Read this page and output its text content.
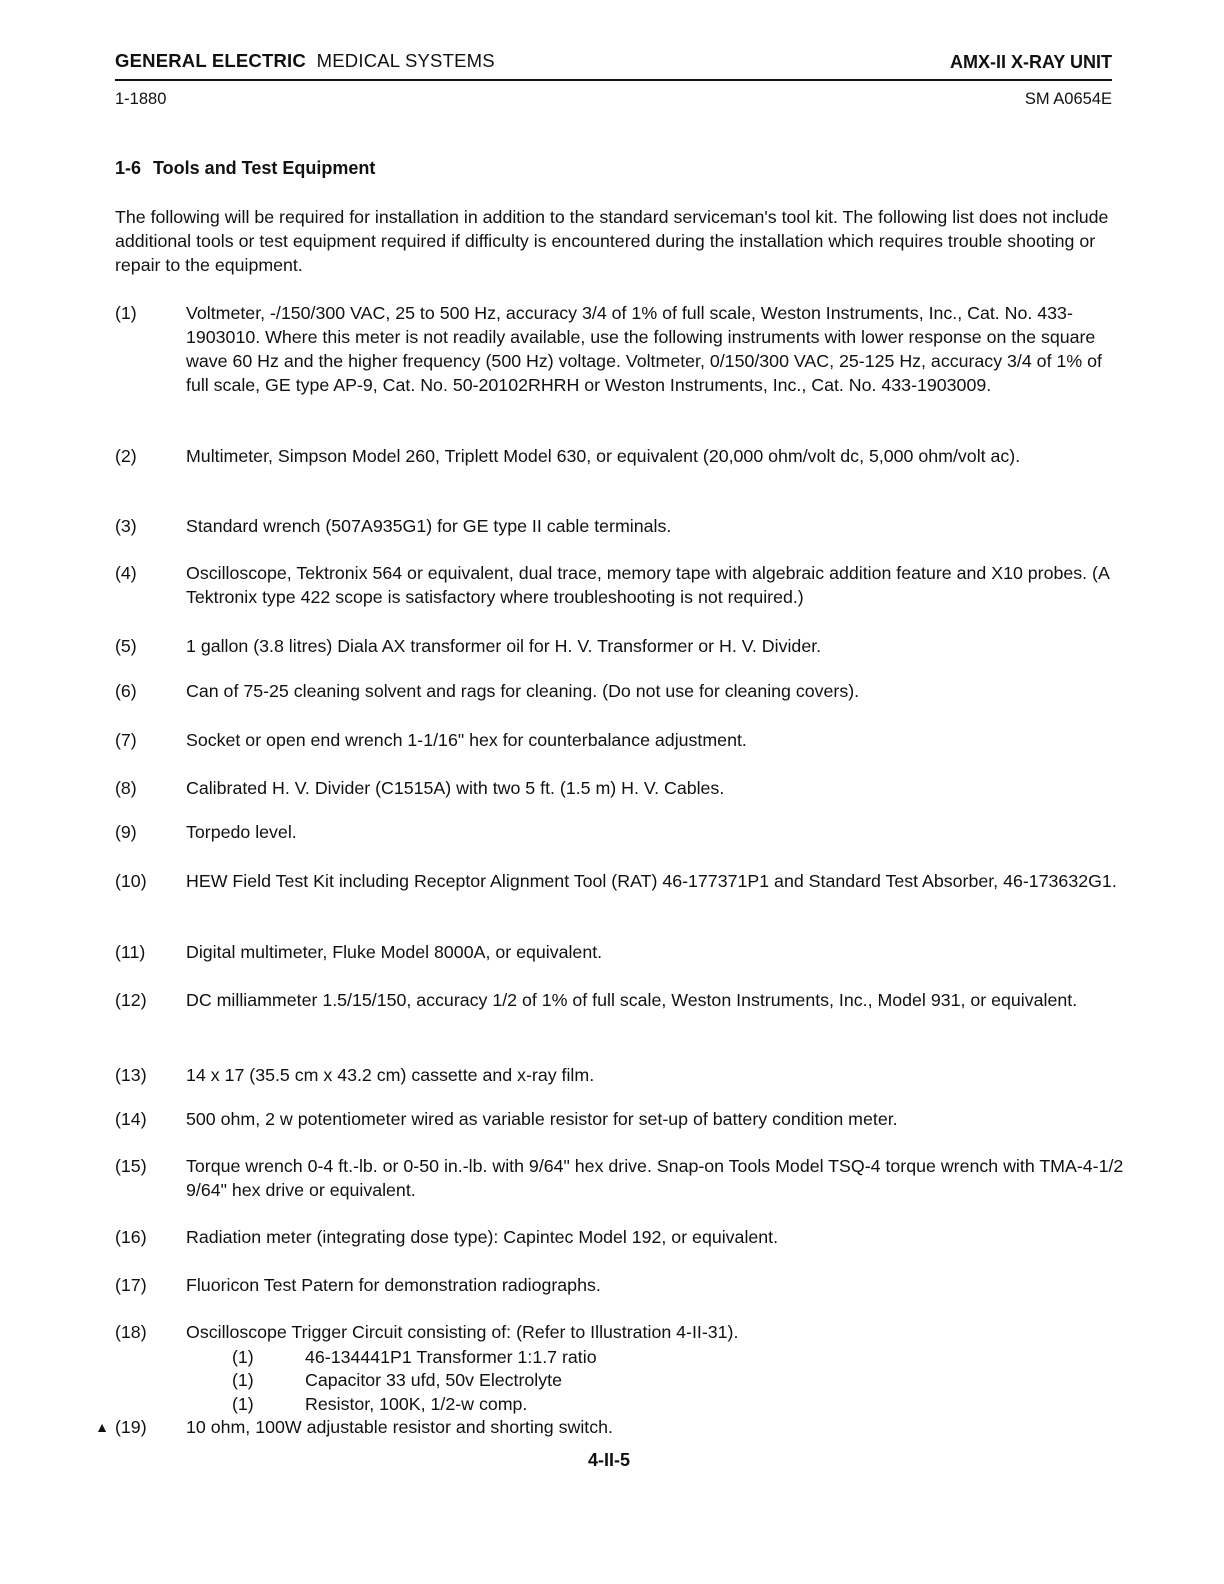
GENERAL ELECTRIC MEDICAL SYSTEMS	AMX-II X-RAY UNIT
1-1880	SM A0654E
1-6 Tools and Test Equipment
The following will be required for installation in addition to the standard serviceman's tool kit. The following list does not include additional tools or test equipment required if difficulty is encountered during the installation which requires trouble shooting or repair to the equipment.
(1)	Voltmeter, -/150/300 VAC, 25 to 500 Hz, accuracy 3/4 of 1% of full scale, Weston Instruments, Inc., Cat. No. 433-1903010. Where this meter is not readily available, use the following instruments with lower response on the square wave 60 Hz and the higher frequency (500 Hz) voltage. Voltmeter, 0/150/300 VAC, 25-125 Hz, accuracy 3/4 of 1% of full scale, GE type AP-9, Cat. No. 50-20102RHRH or Weston Instruments, Inc., Cat. No. 433-1903009.
(2)	Multimeter, Simpson Model 260, Triplett Model 630, or equivalent (20,000 ohm/volt dc, 5,000 ohm/volt ac).
(3)	Standard wrench (507A935G1) for GE type II cable terminals.
(4)	Oscilloscope, Tektronix 564 or equivalent, dual trace, memory tape with algebraic addition feature and X10 probes. (A Tektronix type 422 scope is satisfactory where troubleshooting is not required.)
(5)	1 gallon (3.8 litres) Diala AX transformer oil for H. V. Transformer or H. V. Divider.
(6)	Can of 75-25 cleaning solvent and rags for cleaning. (Do not use for cleaning covers).
(7)	Socket or open end wrench 1-1/16" hex for counterbalance adjustment.
(8)	Calibrated H. V. Divider (C1515A) with two 5 ft. (1.5 m) H. V. Cables.
(9)	Torpedo level.
(10) HEW Field Test Kit including Receptor Alignment Tool (RAT) 46-177371P1 and Standard Test Absorber, 46-173632G1.
(11) Digital multimeter, Fluke Model 8000A, or equivalent.
(12) DC milliammeter 1.5/15/150, accuracy 1/2 of 1% of full scale, Weston Instruments, Inc., Model 931, or equivalent.
(13) 14 x 17 (35.5 cm x 43.2 cm) cassette and x-ray film.
(14) 500 ohm, 2 w potentiometer wired as variable resistor for set-up of battery condition meter.
(15) Torque wrench 0-4 ft.-lb. or 0-50 in.-lb. with 9/64" hex drive. Snap-on Tools Model TSQ-4 torque wrench with TMA-4-1/2 9/64" hex drive or equivalent.
(16) Radiation meter (integrating dose type): Capintec Model 192, or equivalent.
(17) Fluoricon Test Patern for demonstration radiographs.
(18) Oscilloscope Trigger Circuit consisting of: (Refer to Illustration 4-II-31).
(1)	46-134441P1 Transformer 1:1.7 ratio
(1)	Capacitor 33 ufd, 50v Electrolyte
(1)	Resistor, 100K, 1/2-w comp.
▲ (19) 10 ohm, 100W adjustable resistor and shorting switch.
4-II-5
